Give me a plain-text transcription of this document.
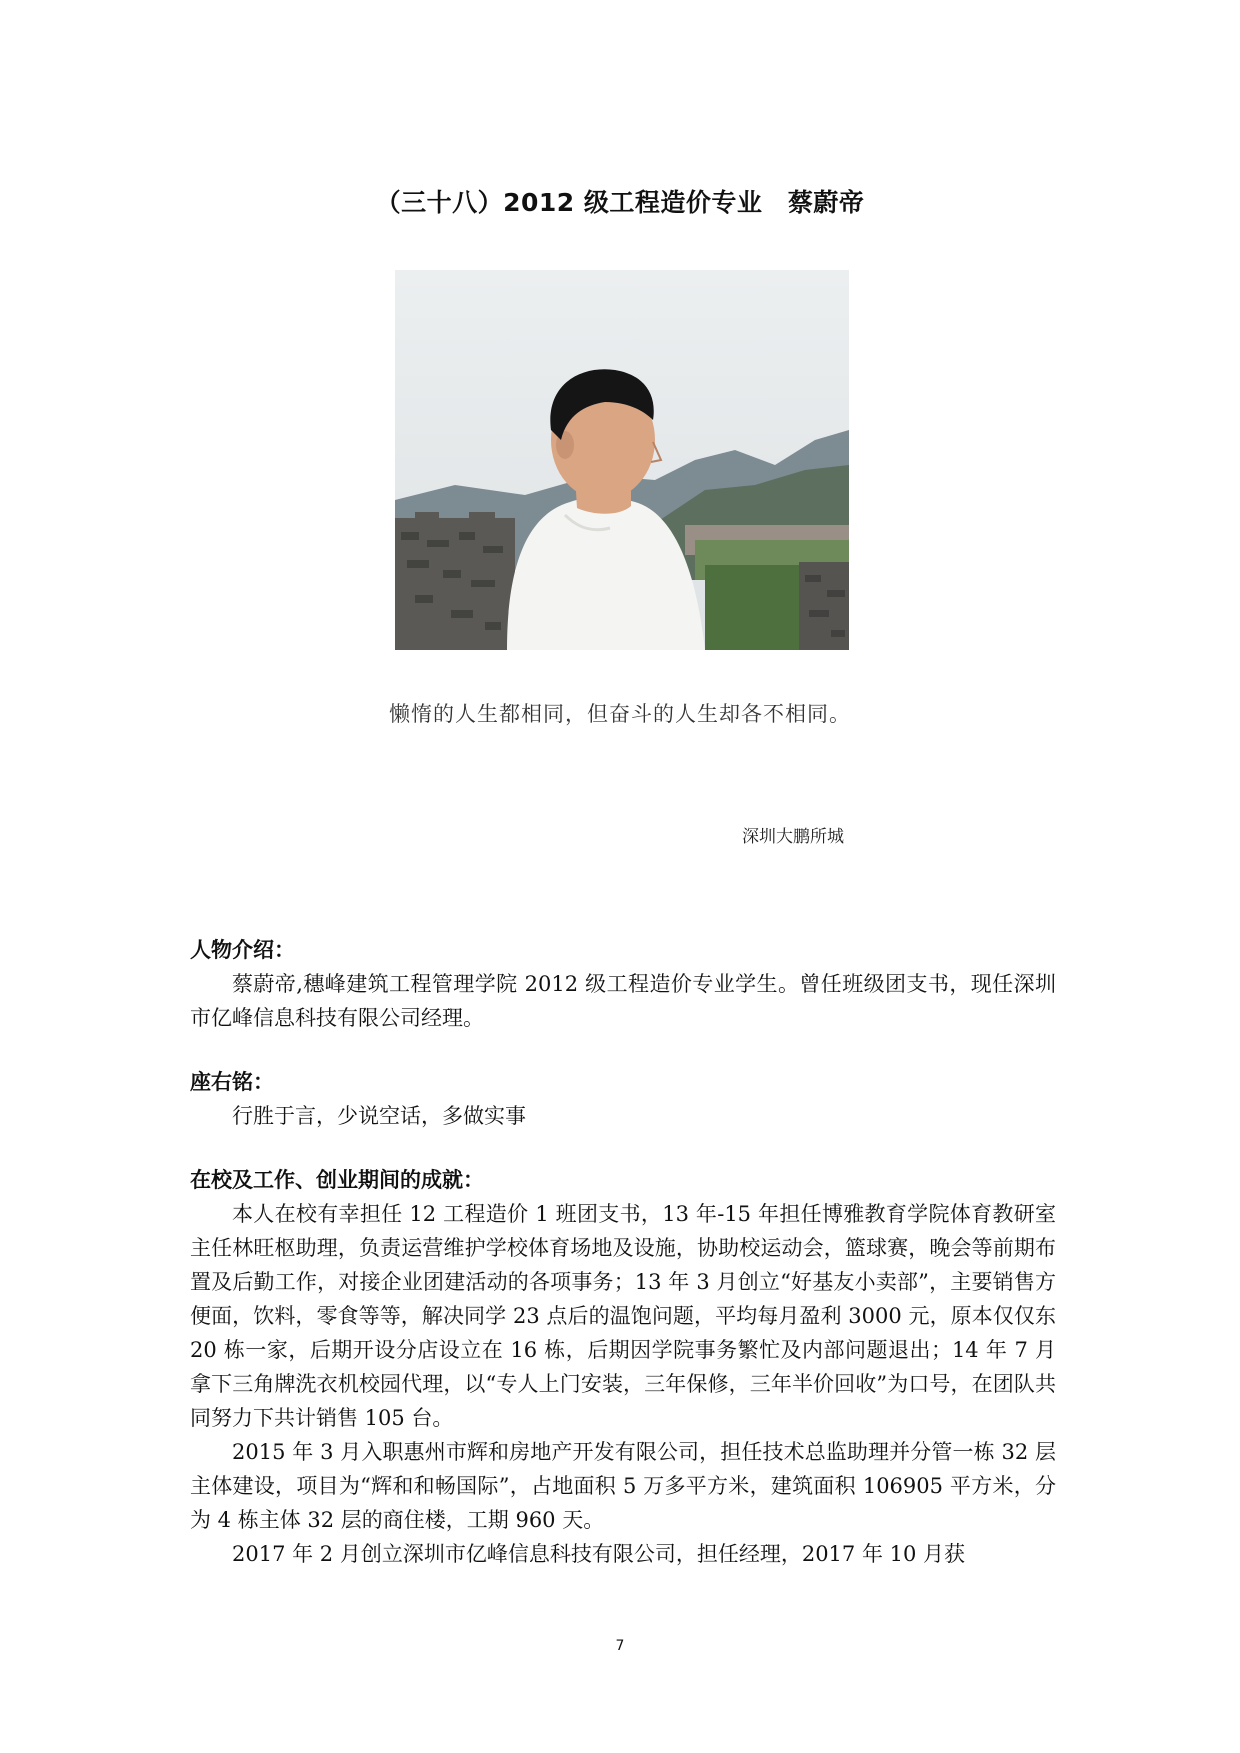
（三十八）2012 级工程造价专业　蔡蔚帝
懒惰的人生都相同，但奋斗的人生却各不相同。
深圳大鹏所城

人物介绍：

蔡蔚帝,穗峰建筑工程管理学院 2012 级工程造价专业学生。曾任班级团支书，现任深圳市亿峰信息科技有限公司经理。

座右铭：

行胜于言，少说空话，多做实事

在校及工作、创业期间的成就：

本人在校有幸担任 12 工程造价 1 班团支书，13 年-15 年担任博雅教育学院体育教研室主任林旺枢助理，负责运营维护学校体育场地及设施，协助校运动会，篮球赛，晚会等前期布置及后勤工作，对接企业团建活动的各项事务；13 年 3 月创立“好基友小卖部”，主要销售方便面，饮料，零食等等，解决同学 23 点后的温饱问题，平均每月盈利 3000 元，原本仅仅东 20 栋一家，后期开设分店设立在 16 栋，后期因学院事务繁忙及内部问题退出；14 年 7 月拿下三角牌洗衣机校园代理，以“专人上门安装，三年保修，三年半价回收”为口号，在团队共同努力下共计销售 105 台。

2015 年 3 月入职惠州市辉和房地产开发有限公司，担任技术总监助理并分管一栋 32 层主体建设，项目为“辉和和畅国际”，占地面积 5 万多平方米，建筑面积 106905 平方米，分为 4 栋主体 32 层的商住楼，工期 960 天。

2017 年 2 月创立深圳市亿峰信息科技有限公司，担任经理，2017 年 10 月获

7
